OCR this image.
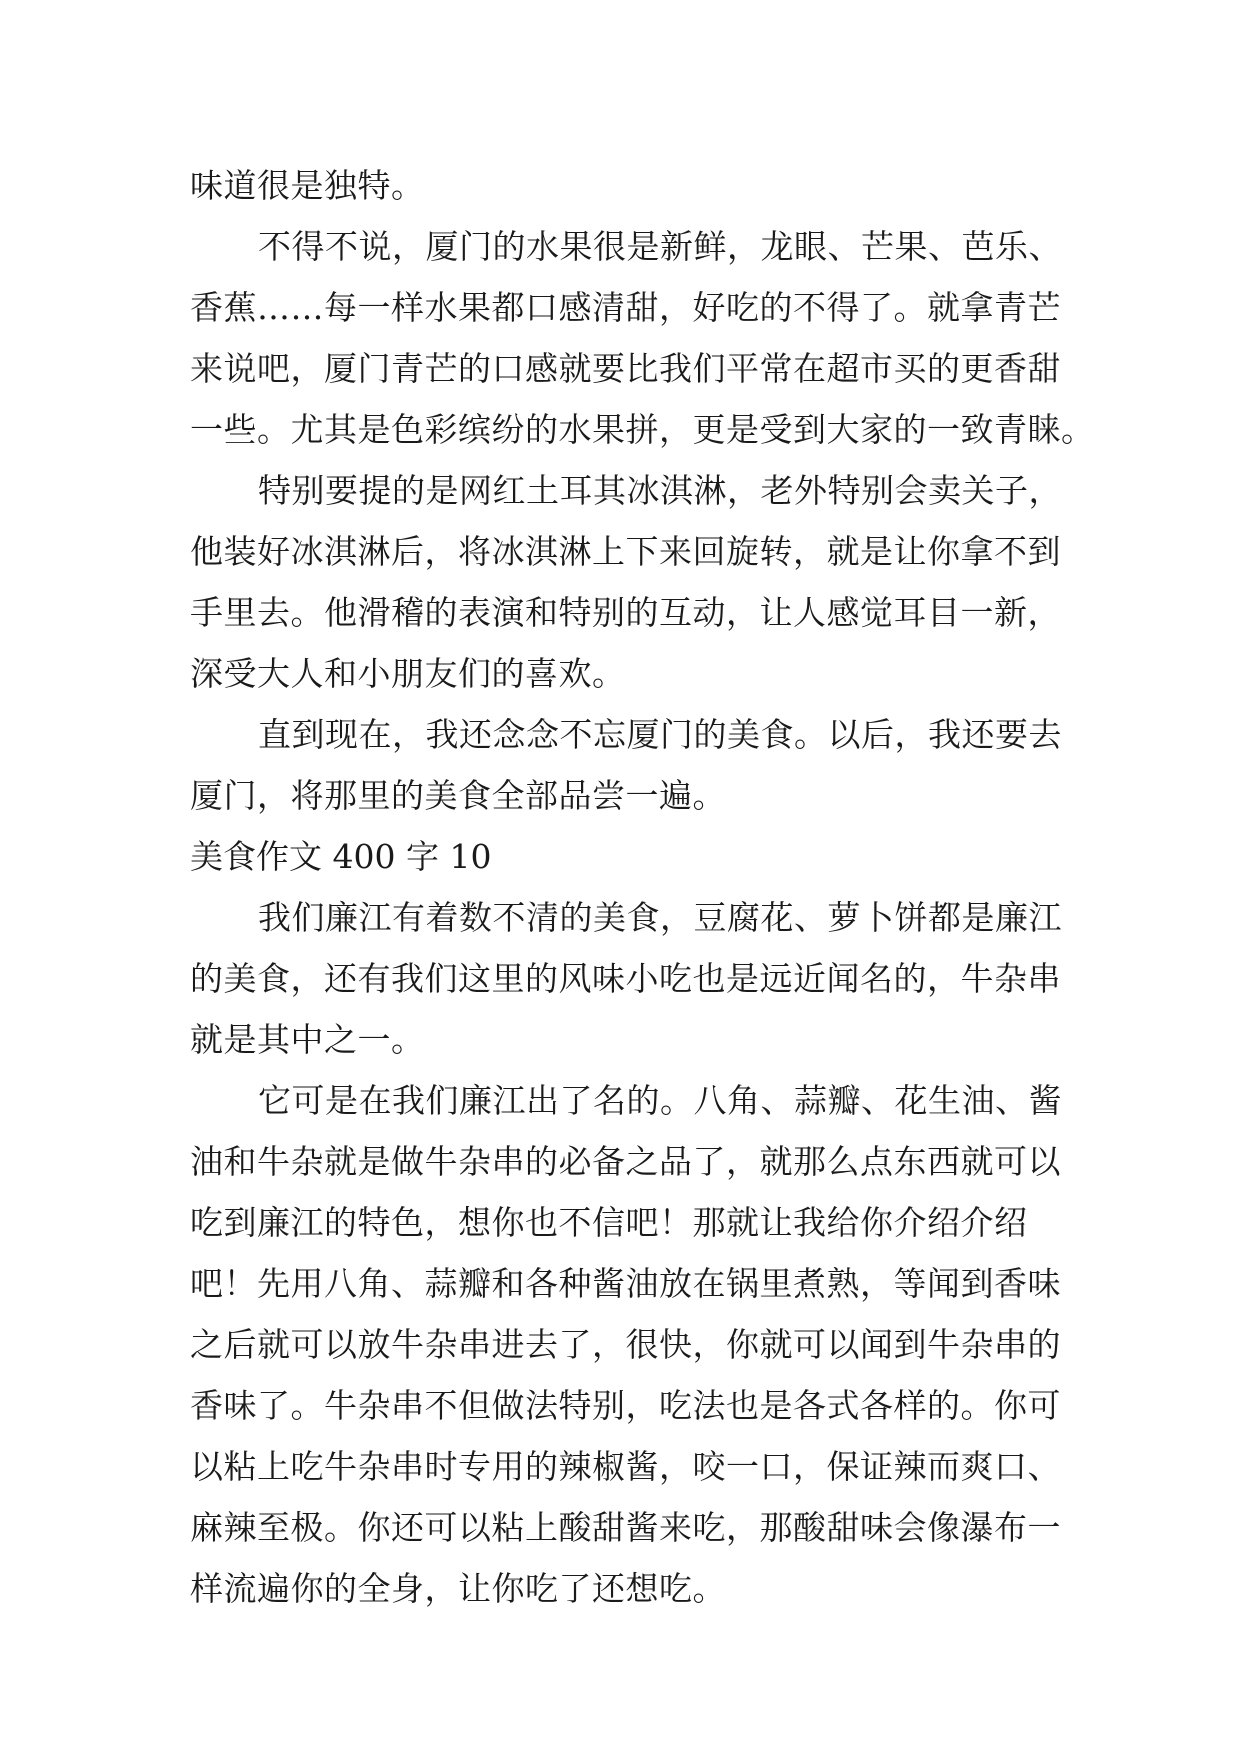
味道很是独特。
不得不说，厦门的水果很是新鲜，龙眼、芒果、芭乐、
香蕉……每一样水果都口感清甜，好吃的不得了。就拿青芒
来说吧，厦门青芒的口感就要比我们平常在超市买的更香甜
一些。尤其是色彩缤纷的水果拼，更是受到大家的一致青睐。
特别要提的是网红土耳其冰淇淋，老外特别会卖关子，
他装好冰淇淋后，将冰淇淋上下来回旋转，就是让你拿不到
手里去。他滑稽的表演和特别的互动，让人感觉耳目一新，
深受大人和小朋友们的喜欢。
直到现在，我还念念不忘厦门的美食。以后，我还要去
厦门，将那里的美食全部品尝一遍。
美食作文 400 字 10
我们廉江有着数不清的美食，豆腐花、萝卜饼都是廉江
的美食，还有我们这里的风味小吃也是远近闻名的，牛杂串
就是其中之一。
它可是在我们廉江出了名的。八角、蒜瓣、花生油、酱
油和牛杂就是做牛杂串的必备之品了，就那么点东西就可以
吃到廉江的特色，想你也不信吧！那就让我给你介绍介绍
吧！先用八角、蒜瓣和各种酱油放在锅里煮熟，等闻到香味
之后就可以放牛杂串进去了，很快，你就可以闻到牛杂串的
香味了。牛杂串不但做法特别，吃法也是各式各样的。你可
以粘上吃牛杂串时专用的辣椒酱，咬一口，保证辣而爽口、
麻辣至极。你还可以粘上酸甜酱来吃，那酸甜味会像瀑布一
样流遍你的全身，让你吃了还想吃。
